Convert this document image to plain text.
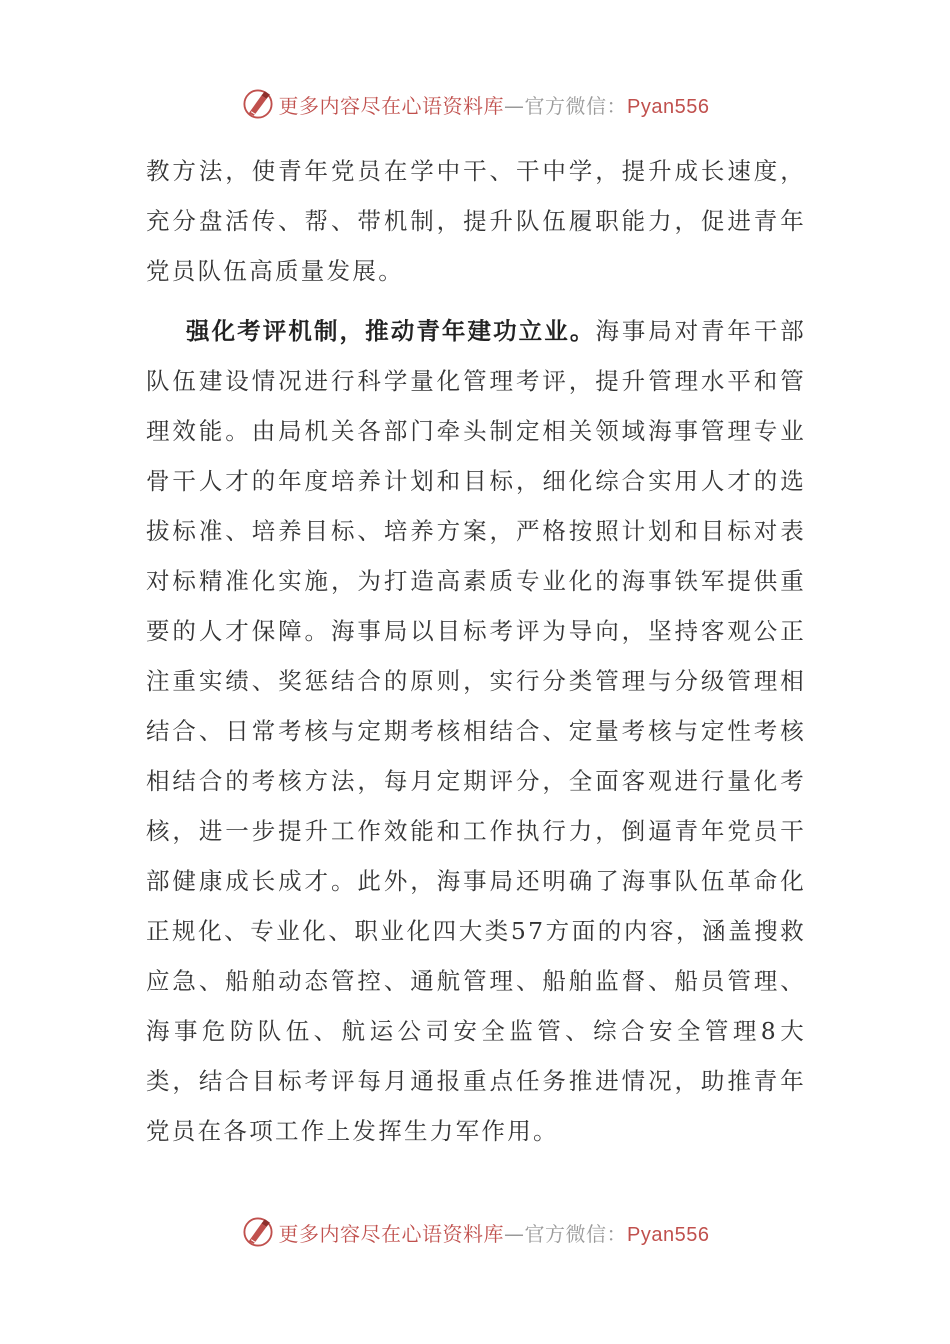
更多内容尽在心语资料库—官方微信：Pyan556

教方法，使青年党员在学中干、干中学，提升成长速度，充分盘活传、帮、带机制，提升队伍履职能力，促进青年党员队伍高质量发展。

强化考评机制，推动青年建功立业。海事局对青年干部队伍建设情况进行科学量化管理考评，提升管理水平和管理效能。由局机关各部门牵头制定相关领域海事管理专业骨干人才的年度培养计划和目标，细化综合实用人才的选拔标准、培养目标、培养方案，严格按照计划和目标对表对标精准化实施，为打造高素质专业化的海事铁军提供重要的人才保障。海事局以目标考评为导向，坚持客观公正注重实绩、奖惩结合的原则，实行分类管理与分级管理相结合、日常考核与定期考核相结合、定量考核与定性考核相结合的考核方法，每月定期评分，全面客观进行量化考核，进一步提升工作效能和工作执行力，倒逼青年党员干部健康成长成才。此外，海事局还明确了海事队伍革命化正规化、专业化、职业化四大类57方面的内容，涵盖搜救应急、船舶动态管控、通航管理、船舶监督、船员管理、海事危防队伍、航运公司安全监管、综合安全管理8大类，结合目标考评每月通报重点任务推进情况，助推青年党员在各项工作上发挥生力军作用。

更多内容尽在心语资料库—官方微信：Pyan556
